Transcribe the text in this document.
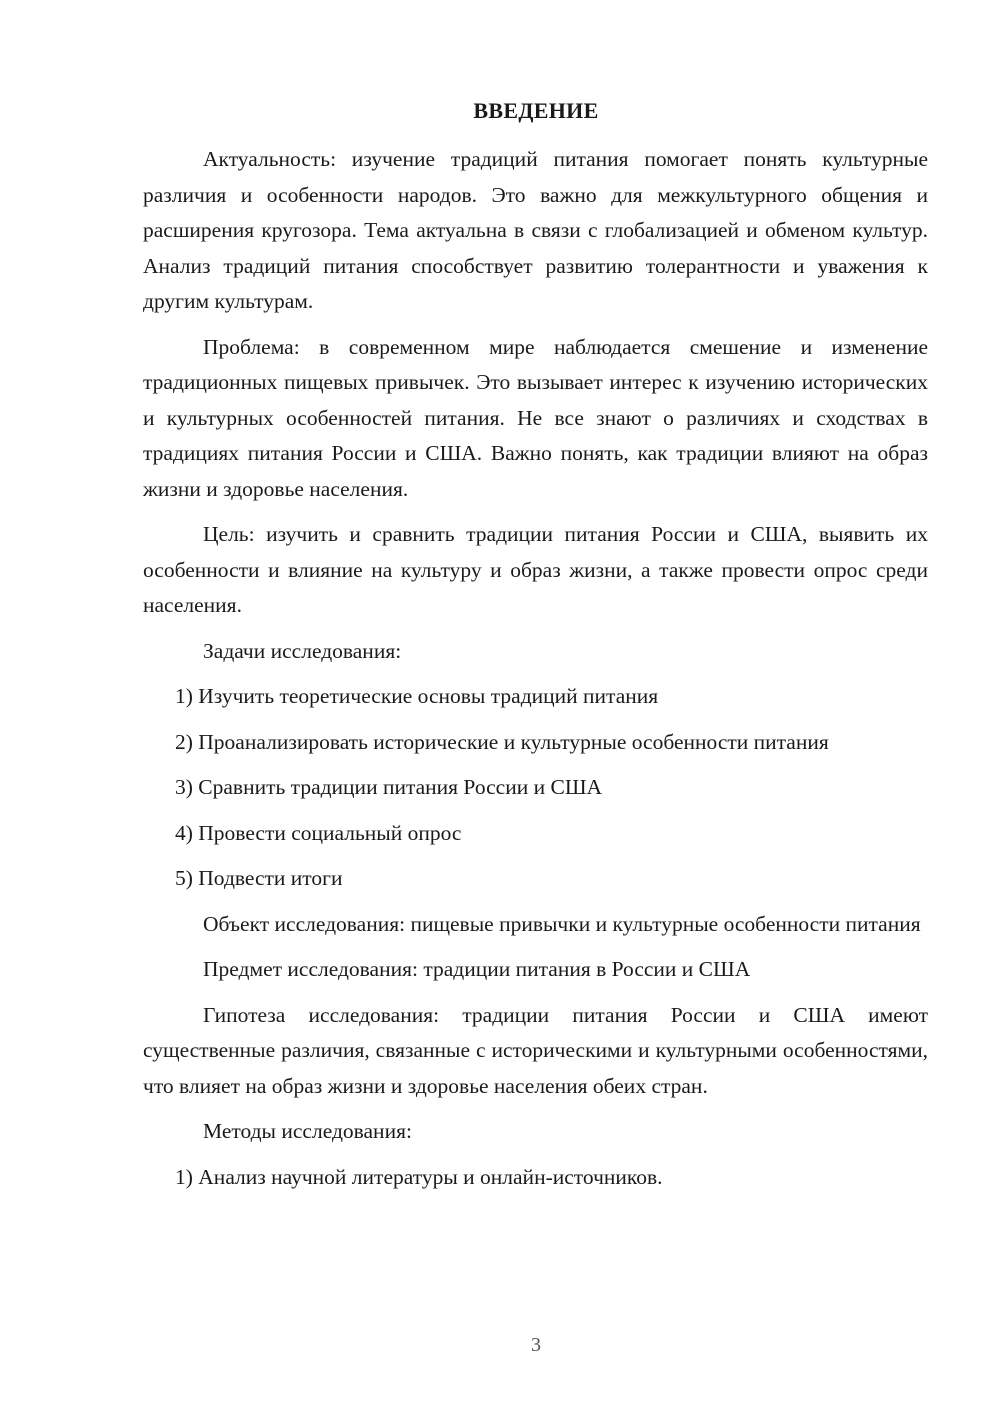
ВВЕДЕНИЕ

Актуальность: изучение традиций питания помогает понять культурные различия и особенности народов. Это важно для межкультурного общения и расширения кругозора. Тема актуальна в связи с глобализацией и обменом культур. Анализ традиций питания способствует развитию толерантности и уважения к другим культурам.

Проблема: в современном мире наблюдается смешение и изменение традиционных пищевых привычек. Это вызывает интерес к изучению исторических и культурных особенностей питания. Не все знают о различиях и сходствах в традициях питания России и США. Важно понять, как традиции влияют на образ жизни и здоровье населения.

Цель: изучить и сравнить традиции питания России и США, выявить их особенности и влияние на культуру и образ жизни, а также провести опрос среди населения.

Задачи исследования:

1) Изучить теоретические основы традиций питания

2) Проанализировать исторические и культурные особенности питания

3) Сравнить традиции питания России и США

4) Провести социальный опрос

5) Подвести итоги

Объект исследования: пищевые привычки и культурные особенности питания

Предмет исследования: традиции питания в России и США

Гипотеза исследования: традиции питания России и США имеют существенные различия, связанные с историческими и культурными особенностями, что влияет на образ жизни и здоровье населения обеих стран.

Методы исследования:

1) Анализ научной литературы и онлайн-источников.

3
